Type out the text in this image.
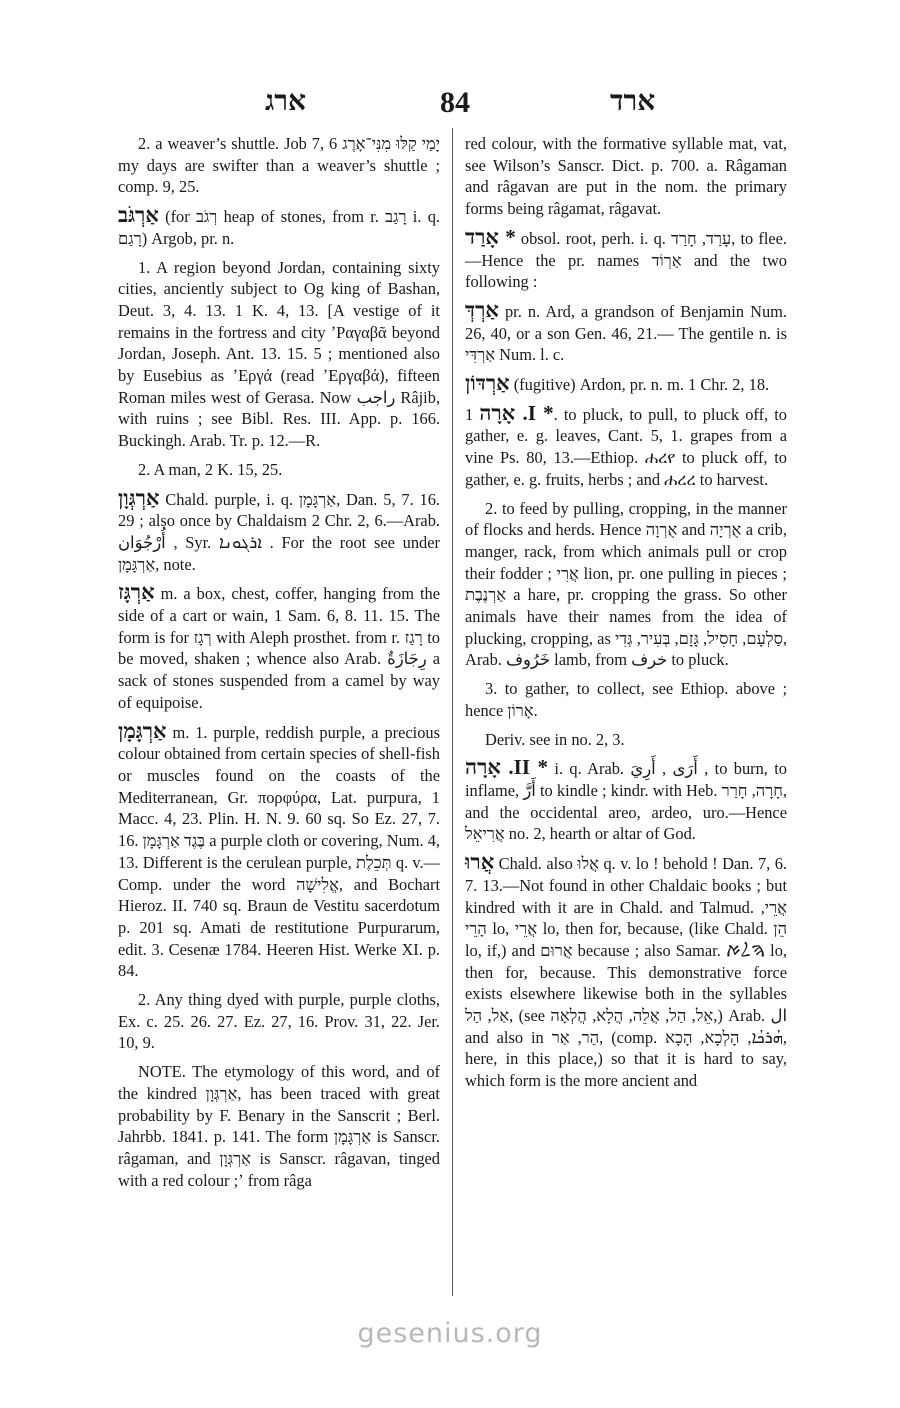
ארג	84	ארד

2. a weaver’s shuttle. Job 7, 6 יָמַי קַלּוּ מִנִּי־אָרֶג my days are swifter than a weaver’s shuttle ; comp. 9, 25.

אַרְגֹּב (for רְגֹב heap of stones, from r. רָגַב i. q. רָגַם) Argob, pr. n.

1. A region beyond Jordan, containing sixty cities, anciently subject to Og king of Bashan, Deut. 3, 4. 13. 1 K. 4, 13. [A vestige of it remains in the fortress and city ʼΡαγαβᾶ beyond Jordan, Joseph. Ant. 13. 15. 5 ; mentioned also by Eusebius as ʼΕργά (read ʼΕργαβά), fifteen Roman miles west of Gerasa. Now راجب Râjib, with ruins ; see Bibl. Res. III. App. p. 166. Buckingh. Arab. Tr. p. 12.—R.

2. A man, 2 K. 15, 25.

אַרְגְּוָן Chald. purple, i. q. אַרְגָּמָן, Dan. 5, 7. 16. 29 ; also once by Chaldaism 2 Chr. 2, 6.—Arab. أُرْجُوَان , Syr. ܐܪܓܘܢܐ . For the root see under אַרְגָּמָן, note.

אַרְגָּז m. a box, chest, coffer, hanging from the side of a cart or wain, 1 Sam. 6, 8. 11. 15. The form is for רְגָז with Aleph prosthet. from r. רָגַז to be moved, shaken ; whence also Arab. رِجَازَةٌ a sack of stones suspended from a camel by way of equipoise.

אַרְגָּמָן m. 1. purple, reddish purple, a precious colour obtained from certain species of shell-fish or muscles found on the coasts of the Mediterranean, Gr. πορφύρα, Lat. purpura, 1 Macc. 4, 23. Plin. H. N. 9. 60 sq. So Ez. 27, 7. 16. בֶּגֶד אַרְגָּמָן a purple cloth or covering, Num. 4, 13. Different is the cerulean purple, תְּכֵלֶת q. v.—Comp. under the word אֱלִישָׁה, and Bochart Hieroz. II. 740 sq. Braun de Vestitu sacerdotum p. 201 sq. Amati de restitutione Purpurarum, edit. 3. Cesenæ 1784. Heeren Hist. Werke XI. p. 84.

2. Any thing dyed with purple, purple cloths, Ex. c. 25. 26. 27. Ez. 27, 16. Prov. 31, 22. Jer. 10, 9.

NOTE. The etymology of this word, and of the kindred אַרְגְּוָן, has been traced with great probability by F. Benary in the Sanscrit ; Berl. Jahrbb. 1841. p. 141. The form אַרְגָּמָן is Sanscr. râgaman, and אַרְגְּוָן is Sanscr. râgavan, tinged with a red colour ;ʼ from râga

red colour, with the formative syllable mat, vat, see Wilson’s Sanscr. Dict. p. 700. a. Râgaman and râgavan are put in the nom. the primary forms being râgamat, râgavat.

* אָרַד obsol. root, perh. i. q. עָרַד, חָרַד, to flee.—Hence the pr. names אַרְוֹד and the two following :

אַרְדְּ pr. n. Ard, a grandson of Benjamin Num. 26, 40, or a son Gen. 46, 21.— The gentile n. is אַרְדִּי Num. l. c.

אַרְדּוֹן (fugitive) Ardon, pr. n. m. 1 Chr. 2, 18.

* I. אָרָה 1. to pluck, to pull, to pluck off, to gather, e. g. leaves, Cant. 5, 1. grapes from a vine Ps. 80, 13.—Ethiop. ሐረየ to pluck off, to gather, e. g. fruits, herbs ; and ሐረረ to harvest.

2. to feed by pulling, cropping, in the manner of flocks and herds. Hence אֻרְוָה and אֻרְיָה a crib, manger, rack, from which animals pull or crop their fodder ; אֲרִי lion, pr. one pulling in pieces ; אַרְנֶבֶת a hare, pr. cropping the grass. So other animals have their names from the idea of plucking, cropping, as סַלְעָם, חָסִיל, גָּזָם, בְּעִיר, גְּדִי, Arab. خَرُوف lamb, from خرف to pluck.

3. to gather, to collect, see Ethiop. above ; hence אָרוֹן.

Deriv. see in no. 2, 3.

* II. אָרָה i. q. Arab. أَرَى , أَرِيَ , to burn, to inflame, أَرَّ to kindle ; kindr. with Heb. חָרָה, חָרַר, and the occidental areo, ardeo, uro.—Hence אֲרִיאֵל no. 2, hearth or altar of God.

אֲרוּ Chald. also אֲלוּ q. v. lo ! behold ! Dan. 7, 6. 7. 13.—Not found in other Chaldaic books ; but kindred with it are in Chald. and Talmud. אֲרֵי, הָרֵי lo, אֲרֵי lo, then for, because, (like Chald. הֵן lo, if,) and אֲרוּם because ; also Samar. ࠄࠋࠀ lo, then for, because. This demonstrative force exists elsewhere likewise both in the syllables אַל, הַל, (see אֵל, הַל, אֲלֵה, הֲלָא, הֲלְאָה,) Arab. ال and also in הַר, אַר, (comp. ܗܳܪܟܳܐ, הָלְכָא, הָכָא, here, in this place,) so that it is hard to say, which form is the more ancient and

gesenius.org
